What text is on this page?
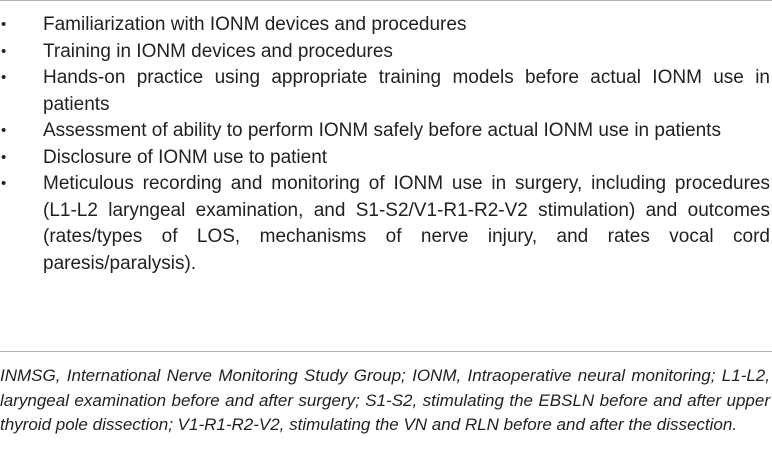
• Familiarization with IONM devices and procedures
• Training in IONM devices and procedures
• Hands-on practice using appropriate training models before actual IONM use in patients
• Assessment of ability to perform IONM safely before actual IONM use in patients
• Disclosure of IONM use to patient
• Meticulous recording and monitoring of IONM use in surgery, including procedures (L1-L2 laryngeal examination, and S1-S2/V1-R1-R2-V2 stimulation) and outcomes (rates/types of LOS, mechanisms of nerve injury, and rates vocal cord paresis/paralysis).

INMSG, International Nerve Monitoring Study Group; IONM, Intraoperative neural monitoring; L1-L2, laryngeal examination before and after surgery; S1-S2, stimulating the EBSLN before and after upper thyroid pole dissection; V1-R1-R2-V2, stimulating the VN and RLN before and after the dissection.
